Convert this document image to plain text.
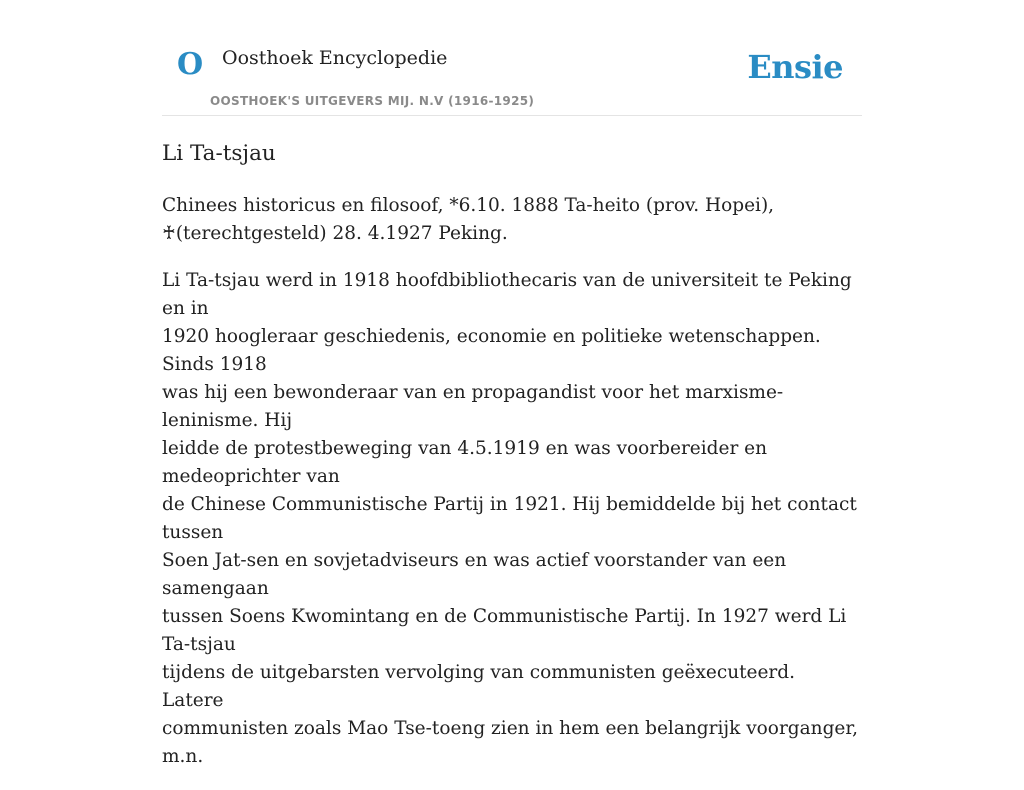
O Oosthoek Encyclopedie
OOSTHOEK'S UITGEVERS MIJ. N.V (1916-1925)
Ensie
Li Ta-tsjau

Chinees historicus en filosoof, *6.10. 1888 Ta-heito (prov. Hopei),
♰(terechtgesteld) 28. 4.1927 Peking.

Li Ta-tsjau werd in 1918 hoofdbibliothecaris van de universiteit te Peking en in
1920 hoogleraar geschiedenis, economie en politieke wetenschappen. Sinds 1918
was hij een bewonderaar van en propagandist voor het marxisme-leninisme. Hij
leidde de protestbeweging van 4.5.1919 en was voorbereider en medeoprichter van
de Chinese Communistische Partij in 1921. Hij bemiddelde bij het contact tussen
Soen Jat-sen en sovjetadviseurs en was actief voorstander van een samengaan
tussen Soens Kwomintang en de Communistische Partij. In 1927 werd Li Ta-tsjau
tijdens de uitgebarsten vervolging van communisten geëxecuteerd. Latere
communisten zoals Mao Tse-toeng zien in hem een belangrijk voorganger, m.n.
